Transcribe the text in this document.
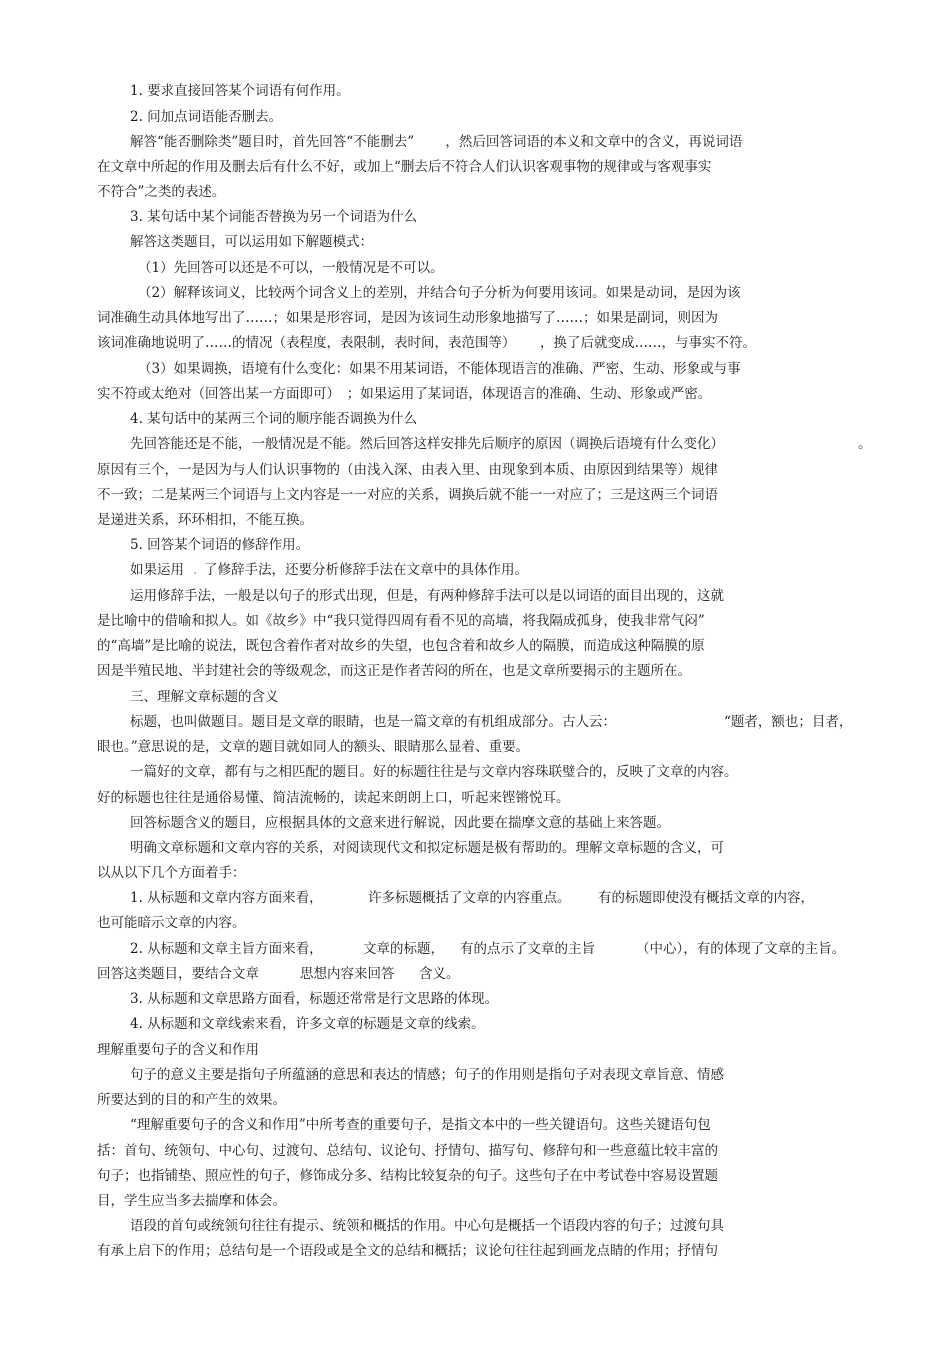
1. 要求直接回答某个词语有何作用。
2. 问加点词语能否删去。
解答“能否删除类”题目时，首先回答“不能删去”　　 ，然后回答词语的本义和文章中的含义，再说词语
在文章中所起的作用及删去后有什么不好，或加上“删去后不符合人们认识客观事物的规律或与客观事实
不符合”之类的表述。
3. 某句话中某个词能否替换为另一个词语为什么
解答这类题目，可以运用如下解题模式：
（1）先回答可以还是不可以，一般情况是不可以。
（2）解释该词义，比较两个词含义上的差别，并结合句子分析为何要用该词。如果是动词，是因为该
词准确生动具体地写出了……；如果是形容词，是因为该词生动形象地描写了……；如果是副词，则因为
该词准确地说明了……的情况（表程度，表限制，表时间，表范围等）　　 ，换了后就变成……，与事实不符。
（3）如果调换，语境有什么变化：如果不用某词语，不能体现语言的准确、严密、生动、形象或与事
实不符或太绝对（回答出某一方面即可）　；如果运用了某词语，体现语言的准确、生动、形象或严密。
4. 某句话中的某两三个词的顺序能否调换为什么
先回答能还是不能，一般情况是不能。然后回答这样安排先后顺序的原因（调换后语境有什么变化）	。
原因有三个，一是因为与人们认识事物的（由浅入深、由表入里、由现象到本质、由原因到结果等）规律
不一致；二是某两三个词语与上文内容是一一对应的关系，调换后就不能一一对应了；三是这两三个词语
是递进关系，环环相扣，不能互换。
5. 回答某个词语的修辞作用。
如果运用 . 了修辞手法，还要分析修辞手法在文章中的具体作用。
运用修辞手法，一般是以句子的形式出现，但是，有两种修辞手法可以是以词语的面目出现的，这就
是比喻中的借喻和拟人。如《故乡》中“我只觉得四周有看不见的高墙，将我隔成孤身，使我非常气闷”
的“高墙”是比喻的说法，既包含着作者对故乡的失望，也包含着和故乡人的隔膜，而造成这种隔膜的原
因是半殖民地、半封建社会的等级观念，而这正是作者苦闷的所在，也是文章所要揭示的主题所在。
三、理解文章标题的含义
标题，也叫做题目。题目是文章的眼睛，也是一篇文章的有机组成部分。古人云：	“题者，额也；目者，
眼也。”意思说的是，文章的题目就如同人的额头、眼睛那么显着、重要。
一篇好的文章，都有与之相匹配的题目。好的标题往往是与文章内容珠联璧合的，反映了文章的内容。
好的标题也往往是通俗易懂、简洁流畅的，读起来朗朗上口，听起来铿锵悦耳。
回答标题含义的题目，应根据具体的文意来进行解说，因此要在揣摩文意的基础上来答题。
明确文章标题和文章内容的关系，对阅读现代文和拟定标题是极有帮助的。理解文章标题的含义，可
以从以下几个方面着手：
1. 从标题和文章内容方面来看，	许多标题概括了文章的内容重点。 有的标题即使没有概括文章的内容，
也可能暗示文章的内容。
2. 从标题和文章主旨方面来看，	文章的标题， 有的点示了文章的主旨	（中心），有的体现了文章的主旨。
回答这类题目，要结合文章	思想内容来回答 含义。
3. 从标题和文章思路方面看，标题还常常是行文思路的体现。
4. 从标题和文章线索来看，许多文章的标题是文章的线索。
理解重要句子的含义和作用
句子的意义主要是指句子所蕴涵的意思和表达的情感；句子的作用则是指句子对表现文章旨意、情感
所要达到的目的和产生的效果。
“理解重要句子的含义和作用”中所考查的重要句子，是指文本中的一些关键语句。这些关键语句包
括：首句、统领句、中心句、过渡句、总结句、议论句、抒情句、描写句、修辞句和一些意蕴比较丰富的
句子；也指铺垫、照应性的句子，修饰成分多、结构比较复杂的句子。这些句子在中考试卷中容易设置题
目，学生应当多去揣摩和体会。
语段的首句或统领句往往有提示、统领和概括的作用。中心句是概括一个语段内容的句子；过渡句具
有承上启下的作用；总结句是一个语段或是全文的总结和概括；议论句往往起到画龙点睛的作用；抒情句
